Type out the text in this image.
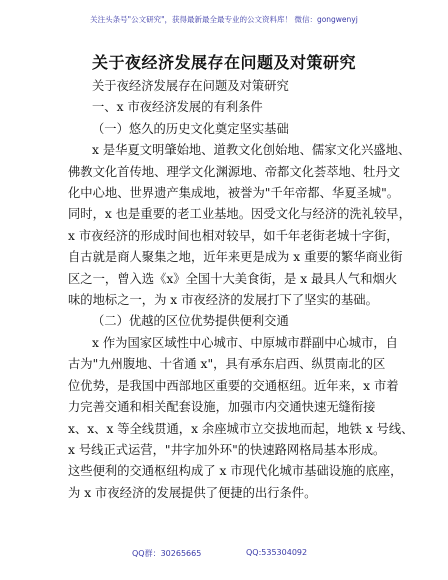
关注头条号"公文研究"，获得最新最全最专业的公文资料库！ 微信：gongwenyj
关于夜经济发展存在问题及对策研究
关于夜经济发展存在问题及对策研究
一、x 市夜经济发展的有利条件
（一）悠久的历史文化奠定坚实基础
x 是华夏文明肇始地、道教文化创始地、儒家文化兴盛地、
佛教文化首传地、理学文化渊源地、帝都文化荟萃地、牡丹文
化中心地、世界遗产集成地，被誉为"千年帝都、华夏圣城"。
同时，x 也是重要的老工业基地。因受文化与经济的洗礼较早，
x 市夜经济的形成时间也相对较早，如千年老街老城十字街，
自古就是商人聚集之地，近年来更是成为 x 重要的繁华商业街
区之一，曾入选《x》全国十大美食街，是 x 最具人气和烟火
味的地标之一，为 x 市夜经济的发展打下了坚实的基础。
（二）优越的区位优势提供便利交通
x 作为国家区域性中心城市、中原城市群副中心城市，自
古为"九州腹地、十省通 x"，具有承东启西、纵贯南北的区
位优势，是我国中西部地区重要的交通枢纽。近年来，x 市着
力完善交通和相关配套设施，加强市内交通快速无缝衔接
x、x、x 等全线贯通，x 余座城市立交拔地而起，地铁 x 号线、
x 号线正式运营，"井字加外环"的快速路网格局基本形成。
这些便利的交通枢纽构成了 x 市现代化城市基础设施的底座，
为 x 市夜经济的发展提供了便捷的出行条件。
QQ群：30265665	QQ:535304092
